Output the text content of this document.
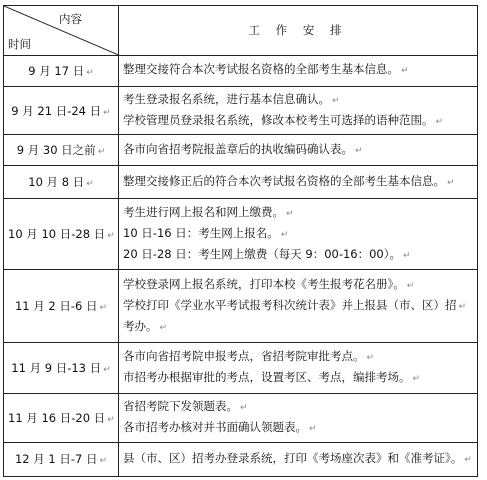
内容
时间	工 作 安 排
9 月 17 日 ↵	整理交接符合本次考试报名资格的全部考生基本信息。 ↵

9 月 21 日-24 日 ↵	考生登录报名系统，进行基本信息确认。 ↵
学校管理员登录报名系统，修改本校考生可选择的语种范围。 ↵

9 月 30 日之前 ↵	各市向省招考院报盖章后的执收编码确认表。 ↵

10 月 8 日 ↵	整理交接修正后的符合本次考试报名资格的全部考生基本信息。 ↵

10 月 10 日-28 日 ↵	考生进行网上报名和网上缴费。 ↵
10 日-16 日：考生网上报名。 ↵
20 日-28 日：考生网上缴费（每天 9：00-16：00）。 ↵

11 月 2 日-6 日 ↵	学校登录网上报名系统，打印本校《考生报考花名册》。 ↵
学校打印《学业水平考试报考科次统计表》并上报县（市、区）招 ↵
考办。 ↵

11 月 9 日-13 日 ↵	各市向省招考院申报考点，省招考院审批考点。 ↵
市招考办根据审批的考点，设置考区、考点，编排考场。 ↵

11 月 16 日-20 日 ↵	省招考院下发领题表。 ↵
各市招考办核对并书面确认领题表。 ↵

12 月 1 日-7 日 ↵	县（市、区）招考办登录系统，打印《考场座次表》和《准考证》。 ↵
